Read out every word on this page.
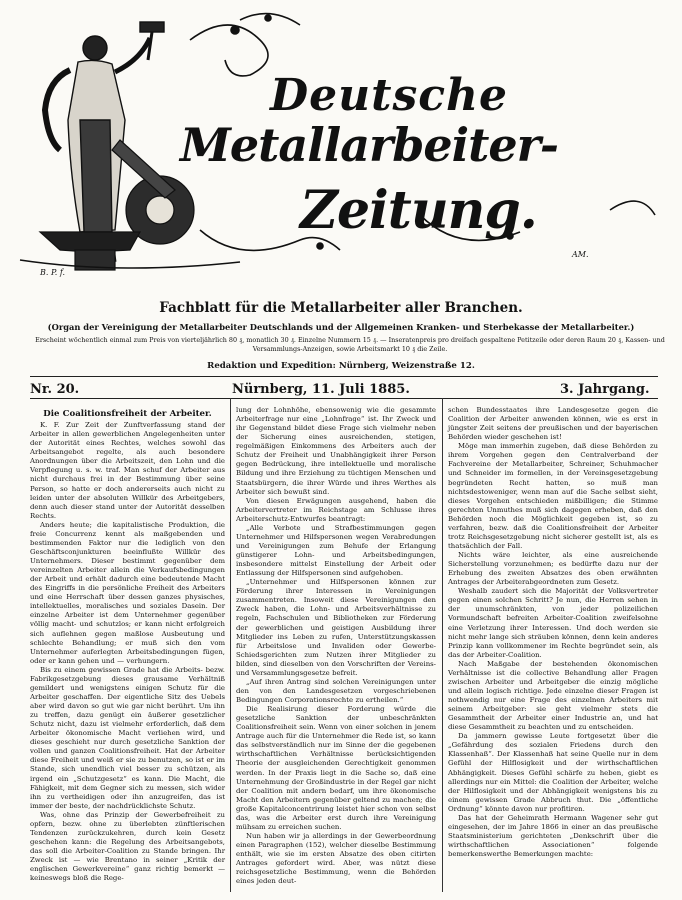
Deutsche
Metallarbeiter-
Zeitung.
B. P. f.
AM.
Fachblatt für die Metallarbeiter aller Branchen.
(Organ der Vereinigung der Metallarbeiter Deutschlands und der Allgemeinen Kranken- und Sterbekasse der Metallarbeiter.)
Erscheint wöchentlich einmal zum Preis von vierteljährlich 80 ₰, monatlich 30 ₰. Einzelne Nummern 15 ₰. — Inseratenpreis pro dreifach gespaltene Petitzeile oder deren Raum 20 ₰, Kassen- und Versammlungs-Anzeigen, sowie Arbeitsmarkt 10 ₰ die Zeile.
Redaktion und Expedition: Nürnberg, Weizenstraße 12.
Nr. 20.	Nürnberg, 11. Juli 1885.	3. Jahrgang.
Die Coalitionsfreiheit der Arbeiter.

K. F. Zur Zeit der Zunftverfassung stand der Arbeiter in allen gewerblichen Angelegenheiten unter der Autorität eines Rechtes, welches sowohl das Arbeitsangebot regelte, als auch besondere Anordnungen über die Arbeitszeit, den Lohn und die Verpflegung u. s. w. traf. Man schuf der Arbeiter aus nicht durchaus frei in der Bestimmung über seine Person, so hatte er doch andererseits auch nicht zu leiden unter der absoluten Willkür des Arbeitgebers, denn auch dieser stand unter der Autorität desselben Rechts.

Anders heute; die kapitalistische Produktion, die freie Concurrenz kennt als maßgebenden und bestimmenden Faktor nur die lediglich von den Geschäftsconjunkturen beeinflußte Willkür des Unternehmers. Dieser bestimmt gegenüber dem vereinzelten Arbeiter allein die Verkaufsbedingungen der Arbeit und erhält dadurch eine bedeutende Macht des Eingriffs in die persönliche Freiheit des Arbeiters und eine Herrschaft über dessen ganzes physisches, intellektuelles, moralisches und soziales Dasein. Der einzelne Arbeiter ist dem Unternehmer gegenüber völlig macht- und schutzlos; er kann nicht erfolgreich sich auflehnen gegen maßlose Ausbeutung und schlechte Behandlung; er muß sich den vom Unternehmer auferlegten Arbeitsbedingungen fügen, oder er kann gehen und — verhungern.

Bis zu einem gewissen Grade hat die Arbeits- bezw. Fabrikgesetzgebung dieses grausame Verhältniß gemildert und wenigstens einigen Schutz für die Arbeiter geschaffen. Der eigentliche Sitz des Uebels aber wird davon so gut wie gar nicht berührt. Um ihn zu treffen, dazu genügt ein äußerer gesetzlicher Schutz nicht, dazu ist vielmehr erforderlich, daß dem Arbeiter ökonomische Macht verliehen wird, und dieses geschieht nur durch gesetzliche Sanktion der vollen und ganzen Coalitionsfreiheit. Hat der Arbeiter diese Freiheit und weiß er sie zu benutzen, so ist er im Stande, sich unendlich viel besser zu schützen, als irgend ein „Schutzgesetz“ es kann. Die Macht, die Fähigkeit, mit dem Gegner sich zu messen, sich wider ihn zu vertheidigen oder ihn anzugreifen, das ist immer der beste, der nachdrücklichste Schutz.

Was, ohne das Prinzip der Gewerbefreiheit zu opfern, bezw. ohne zu überlebten zünftlerischen Tendenzen zurückzukehren, durch kein Gesetz geschehen kann: die Regelung des Arbeitsangebots, das soll die Arbeiter-Coalition zu Stande bringen. Ihr Zweck ist — wie Brentano in seiner „Kritik der englischen Gewerkvereine“ ganz richtig bemerkt — keineswegs bloß die Rege-

lung der Lohnhöhe, ebensowenig wie die gesammte Arbeiterfrage nur eine „Lohnfrage“ ist. Ihr Zweck und ihr Gegenstand bildet diese Frage sich vielmehr neben der Sicherung eines ausreichenden, stetigen, regelmäßigen Einkommens des Arbeiters auch der Schutz der Freiheit und Unabhängigkeit ihrer Person gegen Bedrückung, ihre intellektuelle und moralische Bildung und ihre Erziehung zu tüchtigen Menschen und Staatsbürgern, die ihrer Würde und ihres Werthes als Arbeiter sich bewußt sind.

Von diesen Erwägungen ausgehend, haben die Arbeitervertreter im Reichstage am Schlusse ihres Arbeiterschutz-Entwurfes beantragt:

„Alle Verbote und Strafbestimmungen gegen Unternehmer und Hilfspersonen wegen Verabredungen und Vereinigungen zum Behufe der Erlangung günstigerer Lohn- und Arbeitsbedingungen, insbesondere mittelst Einstellung der Arbeit oder Entlassung der Hilfspersonen sind aufgehoben.

„Unternehmer und Hilfspersonen können zur Förderung ihrer Interessen in Vereinigungen zusammentreten. Insoweit diese Vereinigungen den Zweck haben, die Lohn- und Arbeitsverhältnisse zu regeln, Fachschulen und Bibliotheken zur Förderung der gewerblichen und geistigen Ausbildung ihrer Mitglieder ins Leben zu rufen, Unterstützungskassen für Arbeitslose und Invaliden oder Gewerbe-Schiedsgerichten zum Nutzen ihrer Mitglieder zu bilden, sind dieselben von den Vorschriften der Vereins- und Versammlungsgesetze befreit.

„Auf ihren Antrag sind solchen Vereinigungen unter den von den Landesgesetzen vorgeschriebenen Bedingungen Corporationsrechte zu ertheilen.“

Die Realisirung dieser Forderung würde die gesetzliche Sanktion der unbeschränkten Coalitionsfreiheit sein. Wenn von einer solchen in jenem Antrage auch für die Unternehmer die Rede ist, so kann das selbstverständlich nur im Sinne der die gegebenen wirthschaftlichen Verhältnisse berücksichtigenden Theorie der ausgleichenden Gerechtigkeit genommen werden. In der Praxis liegt in die Sache so, daß eine Unternehmung der Großindustrie in der Regel gar nicht der Coalition mit andern bedarf, um ihre ökonomische Macht den Arbeitern gegenüber geltend zu machen; die große Kapitalconcentrirung leistet hier schon von selbst das, was die Arbeiter erst durch ihre Vereinigung mühsam zu erreichen suchen.

Nun haben wir ja allerdings in der Gewerbeordnung einen Paragraphen (152), welcher dieselbe Bestimmung enthält, wie sie im ersten Absatze des oben citirten Antrages gefordert wird. Aber, was nützt diese reichsgesetzliche Bestimmung, wenn die Behörden eines jeden deut-

schen Bundesstaates ihre Landesgesetze gegen die Coalition der Arbeiter anwenden können, wie es erst in jüngster Zeit seitens der preußischen und der bayerischen Behörden wieder geschehen ist!

Möge man immerhin zugeben, daß diese Behörden zu ihrem Vorgehen gegen den Centralverband der Fachvereine der Metallarbeiter, Schreiner, Schuhmacher und Schneider im formellen, in der Vereinsgesetzgebung begründeten Recht hatten, so muß man nichtsdestoweniger, wenn man auf die Sache selbst sieht, dieses Vorgehen entschieden mißbilligen; die Stimme gerechten Unmuthes muß sich dagegen erheben, daß den Behörden noch die Möglichkeit gegeben ist, so zu verfahren, bezw. daß die Coalitionsfreiheit der Arbeiter trotz Reichsgesetzgebung nicht sicherer gestellt ist, als es thatsächlich der Fall.

Nichts wäre leichter, als eine ausreichende Sicherstellung vorzunehmen; es bedürfte dazu nur der Erhebung des zweiten Absatzes des oben erwähnten Antrages der Arbeiterabgeordneten zum Gesetz.

Weshalb zaudert sich die Majorität der Volksvertreter gegen einen solchen Schritt? Je nun, die Herren sehen in der unumschränkten, von jeder polizeilichen Vormundschaft befreiten Arbeiter-Coalition zweifelsohne eine Verletzung ihrer Interessen. Und doch werden sie nicht mehr lange sich sträuben können, denn kein anderes Prinzip kann vollkommener im Rechte begründet sein, als das der Arbeiter-Coalition.

Nach Maßgabe der bestehenden ökonomischen Verhältnisse ist die collective Behandlung aller Fragen zwischen Arbeiter und Arbeitgeber die einzig mögliche und allein logisch richtige. Jede einzelne dieser Fragen ist nothwendig nur eine Frage des einzelnen Arbeiters mit seinem Arbeitgeber: sie geht vielmehr stets die Gesammtheit der Arbeiter einer Industrie an, und hat diese Gesammtheit zu beachten und zu entscheiden.

Da jammern gewisse Leute fortgesetzt über die „Gefährdung des sozialen Friedens durch den Klassenhaß“. Der Klassenhaß hat seine Quelle nur in dem Gefühl der Hilflosigkeit und der wirthschaftlichen Abhängigkeit. Dieses Gefühl schärfe zu heben, giebt es allerdings nur ein Mittel: die Coalition der Arbeiter, welche der Hilflosigkeit und der Abhängigkeit wenigstens bis zu einem gewissen Grade Abbruch thut. Die „öffentliche Ordnung“ könnte davon nur profitiren.

Das hat der Geheimrath Hermann Wagener sehr gut eingesehen, der im Jahre 1866 in einer an das preußische Staatsministerium gerichteten „Denkschrift über die wirthschaftlichen Associationen“ folgende bemerkenswerthe Bemerkungen machte:
